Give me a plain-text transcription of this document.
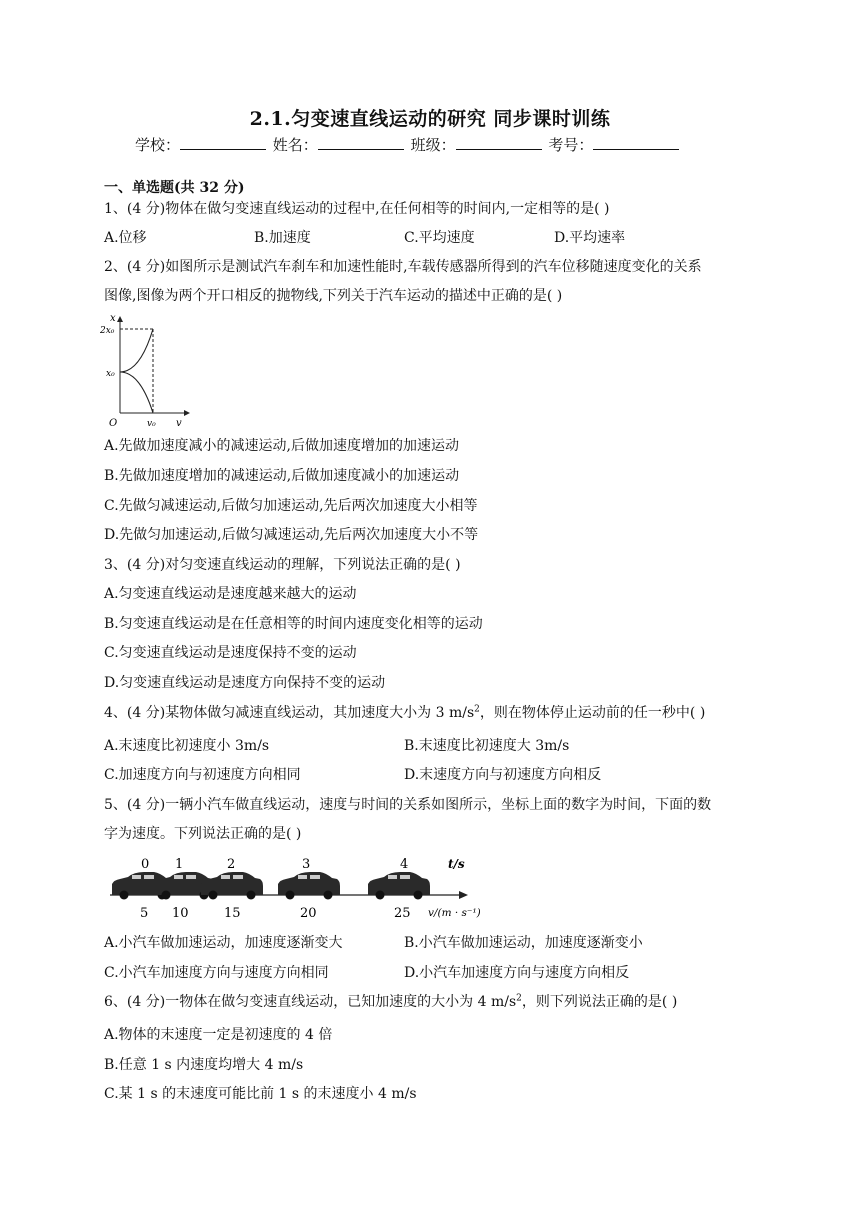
2.1.匀变速直线运动的研究 同步课时训练
学校：	姓名：	班级：	考号：
一、单选题(共 32 分)
1、(4 分)物体在做匀变速直线运动的过程中,在任何相等的时间内,一定相等的是( )
A.位移	B.加速度	C.平均速度	D.平均速率
2、(4 分)如图所示是测试汽车刹车和加速性能时,车载传感器所得到的汽车位移随速度变化的关系
图像,图像为两个开口相反的抛物线,下列关于汽车运动的描述中正确的是( )
x
2x₀
x₀
O	v₀ v
A.先做加速度减小的减速运动,后做加速度增加的加速运动
B.先做加速度增加的减速运动,后做加速度减小的加速运动
C.先做匀减速运动,后做匀加速运动,先后两次加速度大小相等
D.先做匀加速运动,后做匀减速运动,先后两次加速度大小不等
3、(4 分)对匀变速直线运动的理解，下列说法正确的是( )
A.匀变速直线运动是速度越来越大的运动
B.匀变速直线运动是在任意相等的时间内速度变化相等的运动
C.匀变速直线运动是速度保持不变的运动
D.匀变速直线运动是速度方向保持不变的运动
4、(4 分)某物体做匀减速直线运动，其加速度大小为 3 $m/s^2$，则在物体停止运动前的任一秒中( )
A.末速度比初速度小 3m/s	B.末速度比初速度大 3m/s
C.加速度方向与初速度方向相同	D.末速度方向与初速度方向相反
5、(4 分)一辆小汽车做直线运动，速度与时间的关系如图所示，坐标上面的数字为时间，下面的数
字为速度。下列说法正确的是( )
0 1	2	3	4	t/s
5 10	15	20	25 v/(m · s⁻¹)
A.小汽车做加速运动，加速度逐渐变大	B.小汽车做加速运动，加速度逐渐变小
C.小汽车加速度方向与速度方向相同	D.小汽车加速度方向与速度方向相反
6、(4 分)一物体在做匀变速直线运动，已知加速度的大小为 4 $m/s^2$，则下列说法正确的是( )
A.物体的末速度一定是初速度的 4 倍
B.任意 1 s 内速度均增大 4 m/s
C.某 1 s 的末速度可能比前 1 s 的末速度小 4 m/s
